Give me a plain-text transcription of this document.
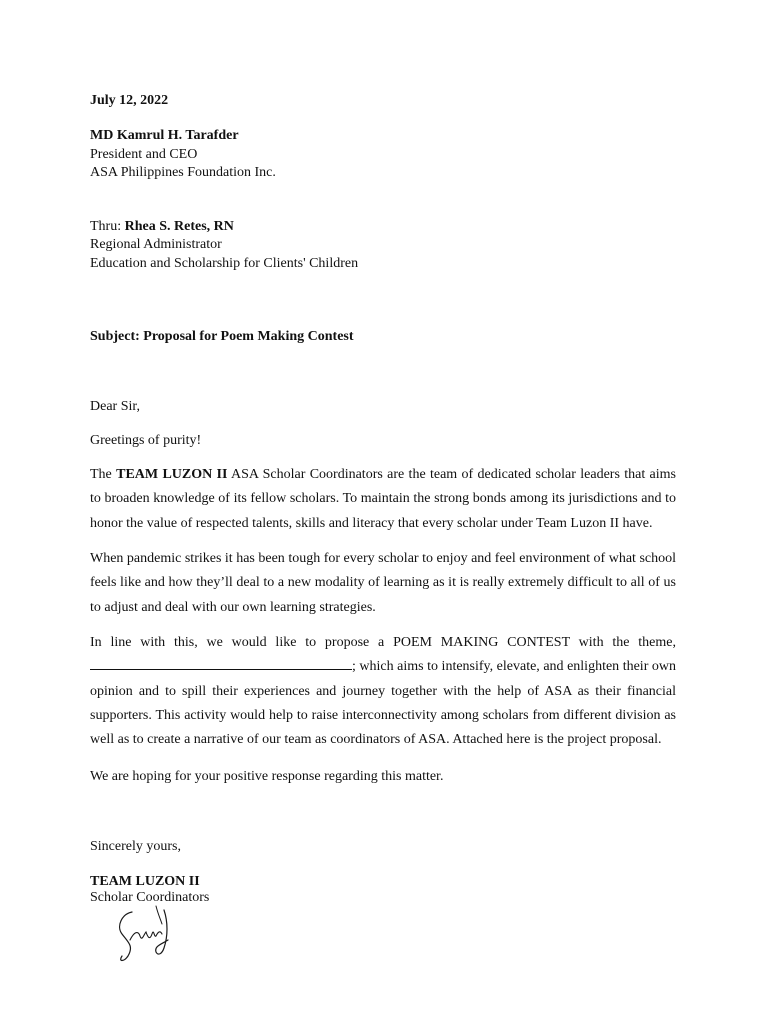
July 12, 2022
MD Kamrul H. Tarafder
President and CEO
ASA Philippines Foundation Inc.
Thru: Rhea S. Retes, RN
Regional Administrator
Education and Scholarship for Clients' Children
Subject: Proposal for Poem Making Contest
Dear Sir,
Greetings of purity!

The TEAM LUZON II ASA Scholar Coordinators are the team of dedicated scholar leaders that aims to broaden knowledge of its fellow scholars. To maintain the strong bonds among its jurisdictions and to honor the value of respected talents, skills and literacy that every scholar under Team Luzon II have.

When pandemic strikes it has been tough for every scholar to enjoy and feel environment of what school feels like and how they’ll deal to a new modality of learning as it is really extremely difficult to all of us to adjust and deal with our own learning strategies.

In line with this, we would like to propose a POEM MAKING CONTEST with the theme, ; which aims to intensify, elevate, and enlighten their own opinion and to spill their experiences and journey together with the help of ASA as their financial supporters. This activity would help to raise interconnectivity among scholars from different division as well as to create a narrative of our team as coordinators of ASA. Attached here is the project proposal.

We are hoping for your positive response regarding this matter.
Sincerely yours,
TEAM LUZON II
Scholar Coordinators
